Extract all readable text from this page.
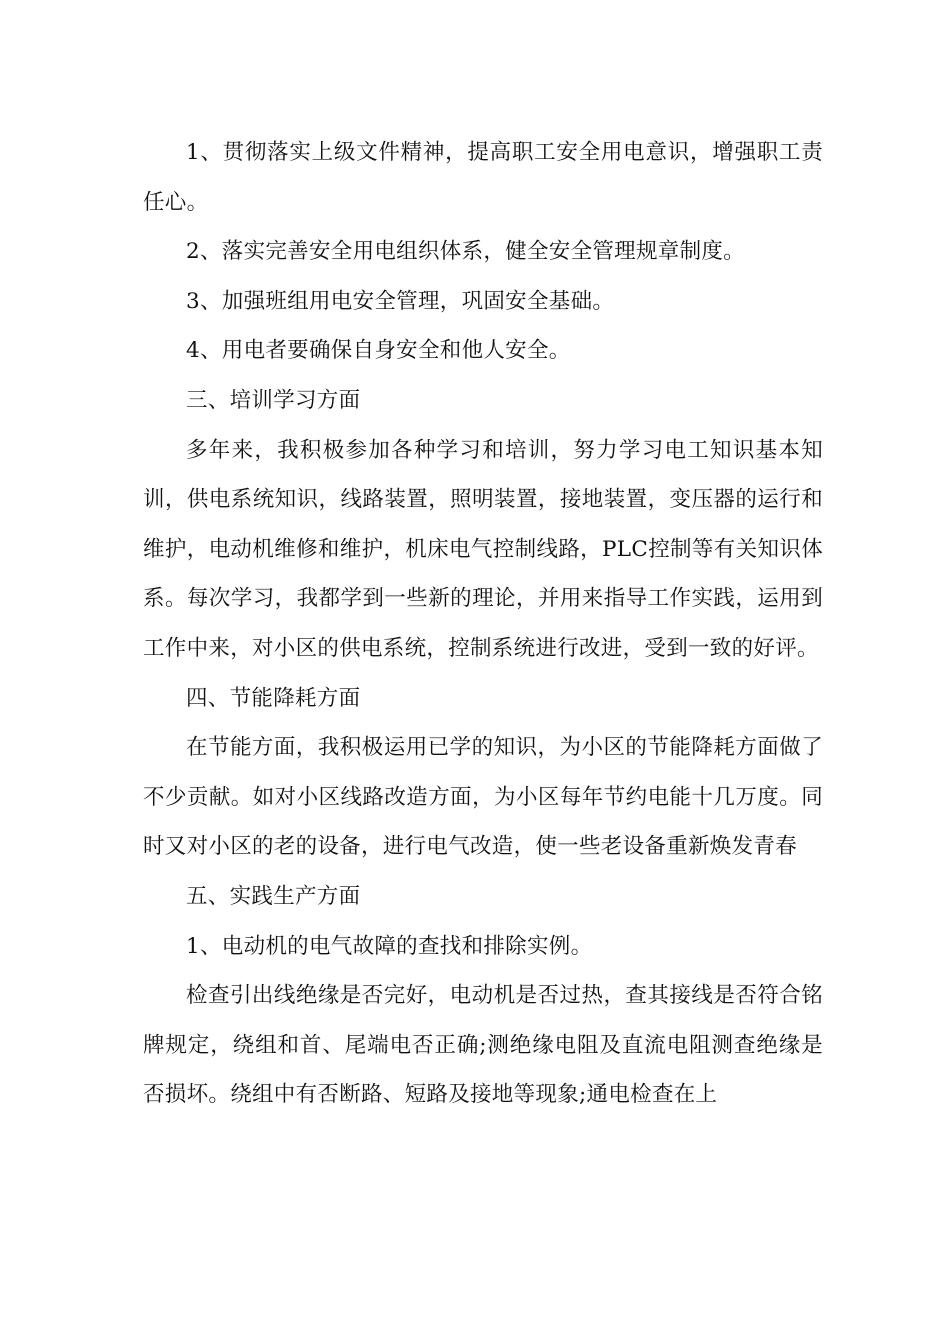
1、贯彻落实上级文件精神，提高职工安全用电意识，增强职工责任心。

2、落实完善安全用电组织体系，健全安全管理规章制度。

3、加强班组用电安全管理，巩固安全基础。

4、用电者要确保自身安全和他人安全。

三、培训学习方面

多年来，我积极参加各种学习和培训，努力学习电工知识基本知训，供电系统知识，线路装置，照明装置，接地装置，变压器的运行和维护，电动机维修和维护，机床电气控制线路，PLC控制等有关知识体系。每次学习，我都学到一些新的理论，并用来指导工作实践，运用到工作中来，对小区的供电系统，控制系统进行改进，受到一致的好评。

四、节能降耗方面

在节能方面，我积极运用已学的知识，为小区的节能降耗方面做了不少贡献。如对小区线路改造方面，为小区每年节约电能十几万度。同时又对小区的老的设备，进行电气改造，使一些老设备重新焕发青春

五、实践生产方面

1、电动机的电气故障的查找和排除实例。

检查引出线绝缘是否完好，电动机是否过热，查其接线是否符合铭牌规定，绕组和首、尾端电否正确;测绝缘电阻及直流电阻测查绝缘是否损坏。绕组中有否断路、短路及接地等现象;通电检查在上
